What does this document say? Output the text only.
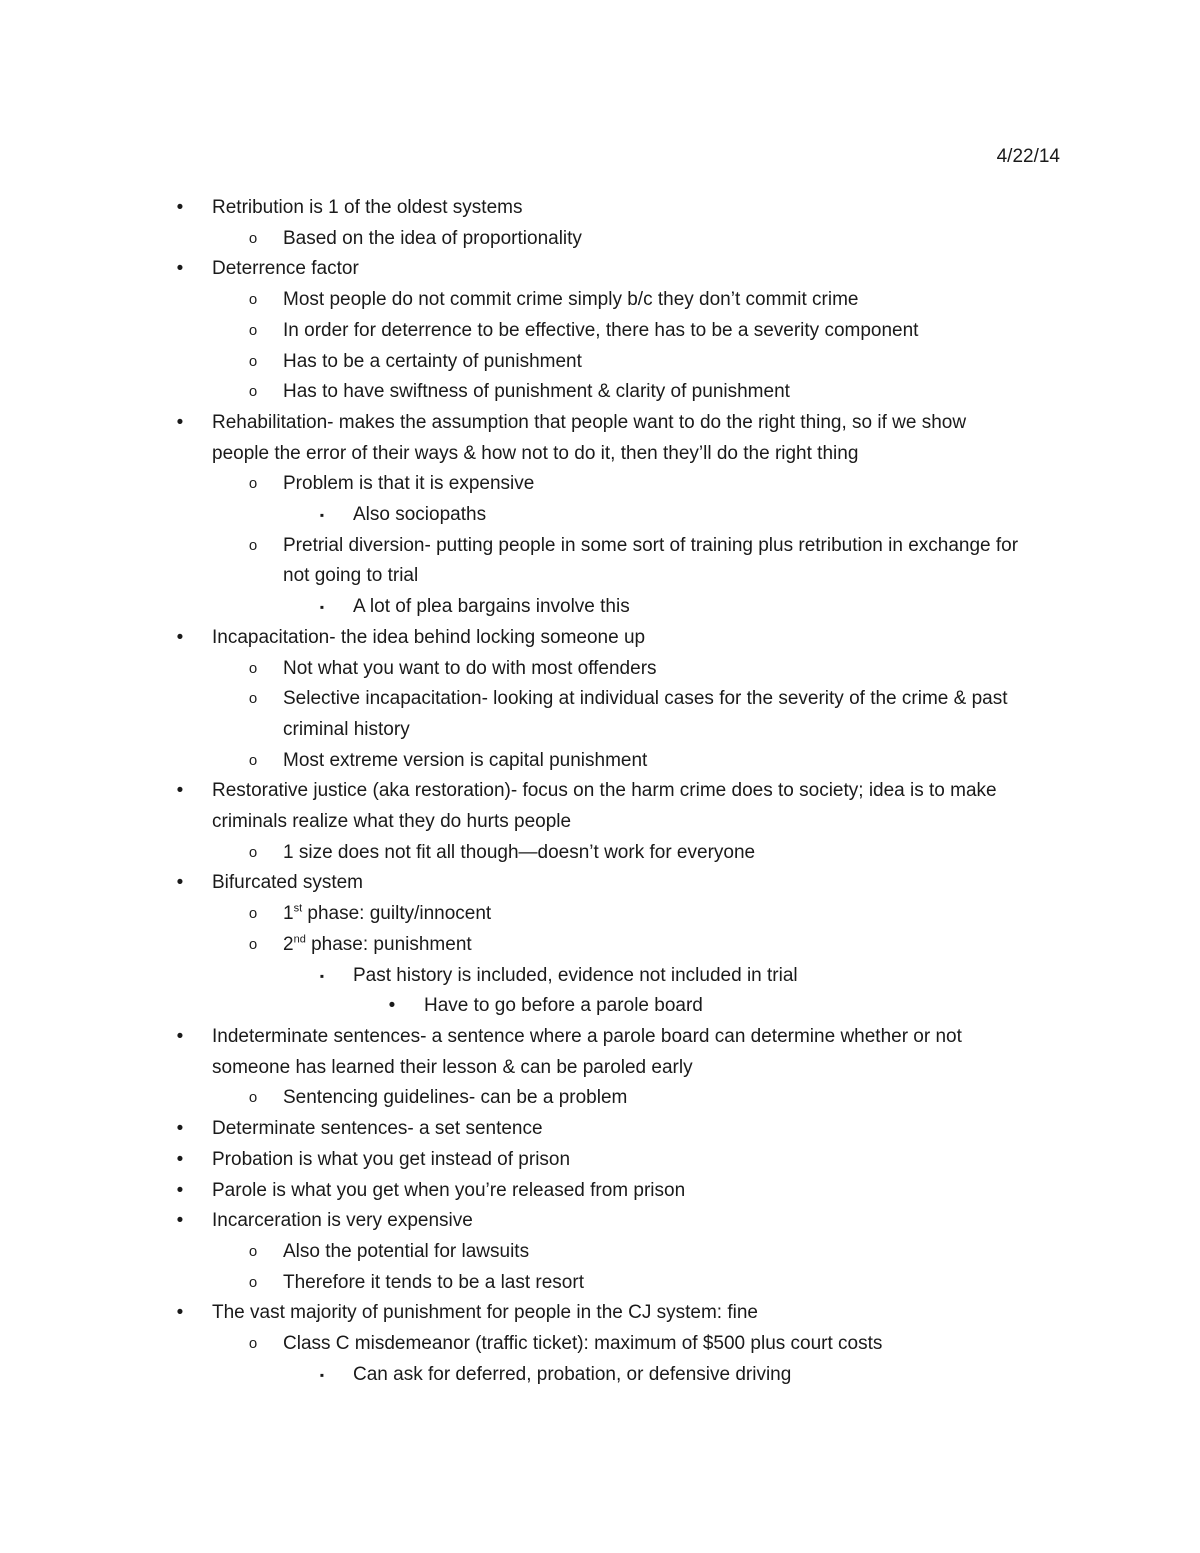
4/22/14
•	Retribution is 1 of the oldest systems
o	Based on the idea of proportionality
•	Deterrence factor
o	Most people do not commit crime simply b/c they don’t commit crime
o	In order for deterrence to be effective, there has to be a severity component
o	Has to be a certainty of punishment
o	Has to have swiftness of punishment & clarity of punishment
•	Rehabilitation- makes the assumption that people want to do the right thing, so if we show
people the error of their ways & how not to do it, then they’ll do the right thing
o	Problem is that it is expensive
▪	Also sociopaths
o	Pretrial diversion- putting people in some sort of training plus retribution in exchange for
not going to trial
▪	A lot of plea bargains involve this
•	Incapacitation- the idea behind locking someone up
o	Not what you want to do with most offenders
o	Selective incapacitation- looking at individual cases for the severity of the crime & past
criminal history
o	Most extreme version is capital punishment
•	Restorative justice (aka restoration)- focus on the harm crime does to society; idea is to make
criminals realize what they do hurts people
o	1 size does not fit all though—doesn’t work for everyone
•	Bifurcated system
o	1st phase: guilty/innocent
o	2nd phase: punishment
▪	Past history is included, evidence not included in trial
•	Have to go before a parole board
•	Indeterminate sentences- a sentence where a parole board can determine whether or not
someone has learned their lesson & can be paroled early
o	Sentencing guidelines- can be a problem
•	Determinate sentences- a set sentence
•	Probation is what you get instead of prison
•	Parole is what you get when you’re released from prison
•	Incarceration is very expensive
o	Also the potential for lawsuits
o	Therefore it tends to be a last resort
•	The vast majority of punishment for people in the CJ system: fine
o	Class C misdemeanor (traffic ticket): maximum of $500 plus court costs
▪	Can ask for deferred, probation, or defensive driving
